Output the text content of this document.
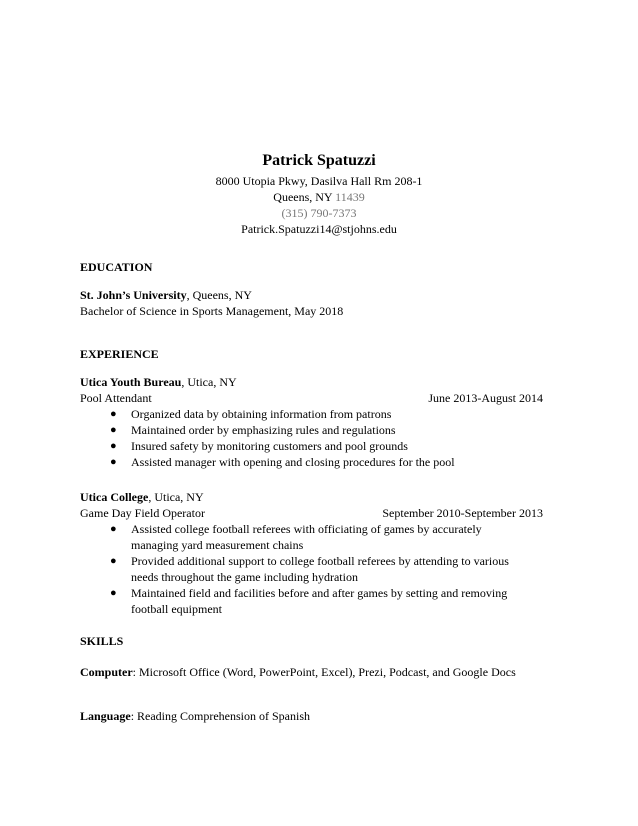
Patrick Spatuzzi
8000 Utopia Pkwy, Dasilva Hall Rm 208-1
Queens, NY 11439
(315) 790-7373
Patrick.Spatuzzi14@stjohns.edu
EDUCATION
St. John’s University, Queens, NY
Bachelor of Science in Sports Management, May 2018
EXPERIENCE
Utica Youth Bureau, Utica, NY
Pool Attendant	June 2013-August 2014
● Organized data by obtaining information from patrons
● Maintained order by emphasizing rules and regulations
● Insured safety by monitoring customers and pool grounds
● Assisted manager with opening and closing procedures for the pool
Utica College, Utica, NY
Game Day Field Operator	September 2010-September 2013
● Assisted college football referees with officiating of games by accurately managing yard measurement chains
● Provided additional support to college football referees by attending to various needs throughout the game including hydration
● Maintained field and facilities before and after games by setting and removing football equipment
SKILLS
Computer: Microsoft Office (Word, PowerPoint, Excel), Prezi, Podcast, and Google Docs
Language: Reading Comprehension of Spanish
